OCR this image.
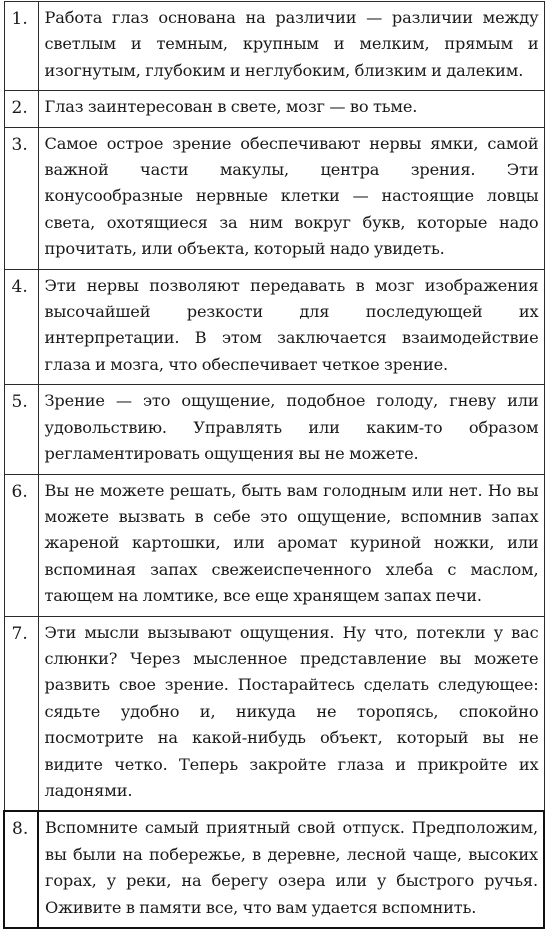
1.	Работа глаз основана на различии — различии между светлым и темным, крупным и мелким, прямым и изогнутым, глубоким и неглубоким, близким и далеким.
2.	Глаз заинтересован в свете, мозг — во тьме.
3.	Самое острое зрение обеспечивают нервы ямки, самой важной части макулы, центра зрения. Эти конусообразные нервные клетки — настоящие ловцы света, охотящиеся за ним вокруг букв, которые надо прочитать, или объекта, который надо увидеть.
4.	Эти нервы позволяют передавать в мозг изображения высочайшей резкости для последующей их интерпретации. В этом заключается взаимодействие глаза и мозга, что обеспечивает четкое зрение.
5.	Зрение — это ощущение, подобное голоду, гневу или удовольствию. Управлять или каким-то образом регламентировать ощущения вы не можете.
6.	Вы не можете решать, быть вам голодным или нет. Но вы можете вызвать в себе это ощущение, вспомнив запах жареной картошки, или аромат куриной ножки, или вспоминая запах свежеиспеченного хлеба с маслом, тающем на ломтике, все еще хранящем запах печи.
7.	Эти мысли вызывают ощущения. Ну что, потекли у вас слюнки? Через мысленное представление вы можете развить свое зрение. Постарайтесь сделать следующее: сядьте удобно и, никуда не торопясь, спокойно посмотрите на какой-нибудь объект, который вы не видите четко. Теперь закройте глаза и прикройте их ладонями.
8.	Вспомните самый приятный свой отпуск. Предположим, вы были на побережье, в деревне, лесной чаще, высоких горах, у реки, на берегу озера или у быстрого ручья. Оживите в памяти все, что вам удается вспомнить.
